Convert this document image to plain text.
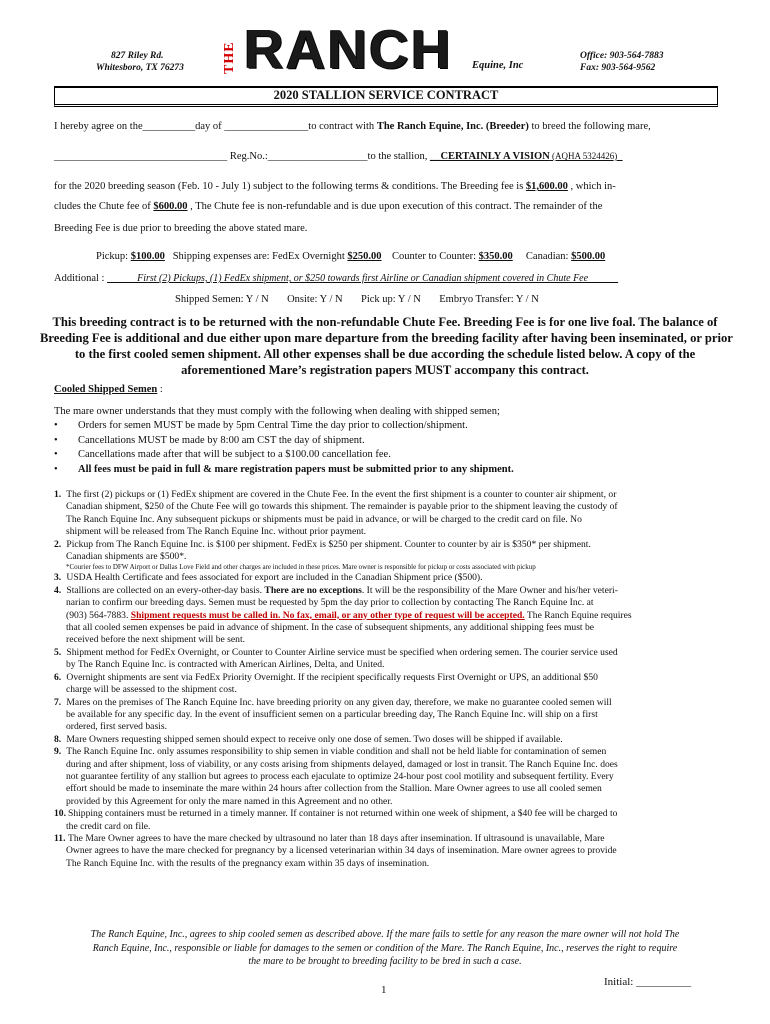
827 Riley Rd.
Whitesboro, TX 76273	THE RANCH Equine, Inc
Office: 903-564-7883
Fax: 903-564-9562
2020 STALLION SERVICE CONTRACT
I hereby agree on the__________day of ________________to contract with The Ranch Equine, Inc. (Breeder) to breed the following mare,
_________________________________ Reg.No.:___________________to the stallion, __CERTAINLY A VISION (AQHA 5324426)_
for the 2020 breeding season (Feb. 10 - July 1) subject to the following terms & conditions. The Breeding fee is $1,600.00 , which in-
cludes the Chute fee of $600.00 , The Chute fee is non-refundable and is due upon execution of this contract. The remainder of the
Breeding Fee is due prior to breeding the above stated mare.
Pickup: $100.00 Shipping expenses are: FedEx Overnight $250.00 Counter to Counter: $350.00 Canadian: $500.00
Additional : ______First (2) Pickups, (1) FedEx shipment, or $250 towards first Airline or Canadian shipment covered in Chute Fee______
Shipped Semen: Y / N Onsite: Y / N Pick up: Y / N Embryo Transfer: Y / N
This breeding contract is to be returned with the non-refundable Chute Fee. Breeding Fee is for one live foal. The balance of
Breeding Fee is additional and due either upon mare departure from the breeding facility after having been inseminated, or prior
to the first cooled semen shipment. All other expenses shall be due according the schedule listed below. A copy of the
aforementioned Mare’s registration papers MUST accompany this contract.
Cooled Shipped Semen :
The mare owner understands that they must comply with the following when dealing with shipped semen;
• Orders for semen MUST be made by 5pm Central Time the day prior to collection/shipment.
• Cancellations MUST be made by 8:00 am CST the day of shipment.
• Cancellations made after that will be subject to a $100.00 cancellation fee.
• All fees must be paid in full & mare registration papers must be submitted prior to any shipment.
1. The first (2) pickups or (1) FedEx shipment are covered in the Chute Fee. In the event the first shipment is a counter to counter air shipment, or
Canadian shipment, $250 of the Chute Fee will go towards this shipment. The remainder is payable prior to the shipment leaving the custody of
The Ranch Equine Inc. Any subsequent pickups or shipments must be paid in advance, or will be charged to the credit card on file. No
shipment will be released from The Ranch Equine Inc. without prior payment.
2. Pickup from The Ranch Equine Inc. is $100 per shipment. FedEx is $250 per shipment. Counter to counter by air is $350* per shipment.
Canadian shipments are $500*.
*Courier fees to DFW Airport or Dallas Love Field and other charges are included in these prices. Mare owner is responsible for pickup or costs associated with pickup
3. USDA Health Certificate and fees associated for export are included in the Canadian Shipment price ($500).
4. Stallions are collected on an every-other-day basis. There are no exceptions. It will be the responsibility of the Mare Owner and his/her veteri-
narian to confirm our breeding days. Semen must be requested by 5pm the day prior to collection by contacting The Ranch Equine Inc. at
(903) 564-7883. Shipment requests must be called in. No fax, email, or any other type of request will be accepted. The Ranch Equine requires
that all cooled semen expenses be paid in advance of shipment. In the case of subsequent shipments, any additional shipping fees must be
received before the next shipment will be sent.
5. Shipment method for FedEx Overnight, or Counter to Counter Airline service must be specified when ordering semen. The courier service used
by The Ranch Equine Inc. is contracted with American Airlines, Delta, and United.
6. Overnight shipments are sent via FedEx Priority Overnight. If the recipient specifically requests First Overnight or UPS, an additional $50
charge will be assessed to the shipment cost.
7. Mares on the premises of The Ranch Equine Inc. have breeding priority on any given day, therefore, we make no guarantee cooled semen will
be available for any specific day. In the event of insufficient semen on a particular breeding day, The Ranch Equine Inc. will ship on a first
ordered, first served basis.
8. Mare Owners requesting shipped semen should expect to receive only one dose of semen. Two doses will be shipped if available.
9. The Ranch Equine Inc. only assumes responsibility to ship semen in viable condition and shall not be held liable for contamination of semen
during and after shipment, loss of viability, or any costs arising from shipments delayed, damaged or lost in transit. The Ranch Equine Inc. does
not guarantee fertility of any stallion but agrees to process each ejaculate to optimize 24-hour post cool motility and subsequent fertility. Every
effort should be made to inseminate the mare within 24 hours after collection from the Stallion. Mare Owner agrees to use all cooled semen
provided by this Agreement for only the mare named in this Agreement and no other.
10. Shipping containers must be returned in a timely manner. If container is not returned within one week of shipment, a $40 fee will be charged to
the credit card on file.
11. The Mare Owner agrees to have the mare checked by ultrasound no later than 18 days after insemination. If ultrasound is unavailable, Mare
Owner agrees to have the mare checked for pregnancy by a licensed veterinarian within 34 days of insemination. Mare owner agrees to provide
The Ranch Equine Inc. with the results of the pregnancy exam within 35 days of insemination.
The Ranch Equine, Inc., agrees to ship cooled semen as described above. If the mare fails to settle for any reason the mare owner will not hold The
Ranch Equine, Inc., responsible or liable for damages to the semen or condition of the Mare. The Ranch Equine, Inc., reserves the right to require
the mare to be brought to breeding facility to be bred in such a case.
1
Initial: __________
